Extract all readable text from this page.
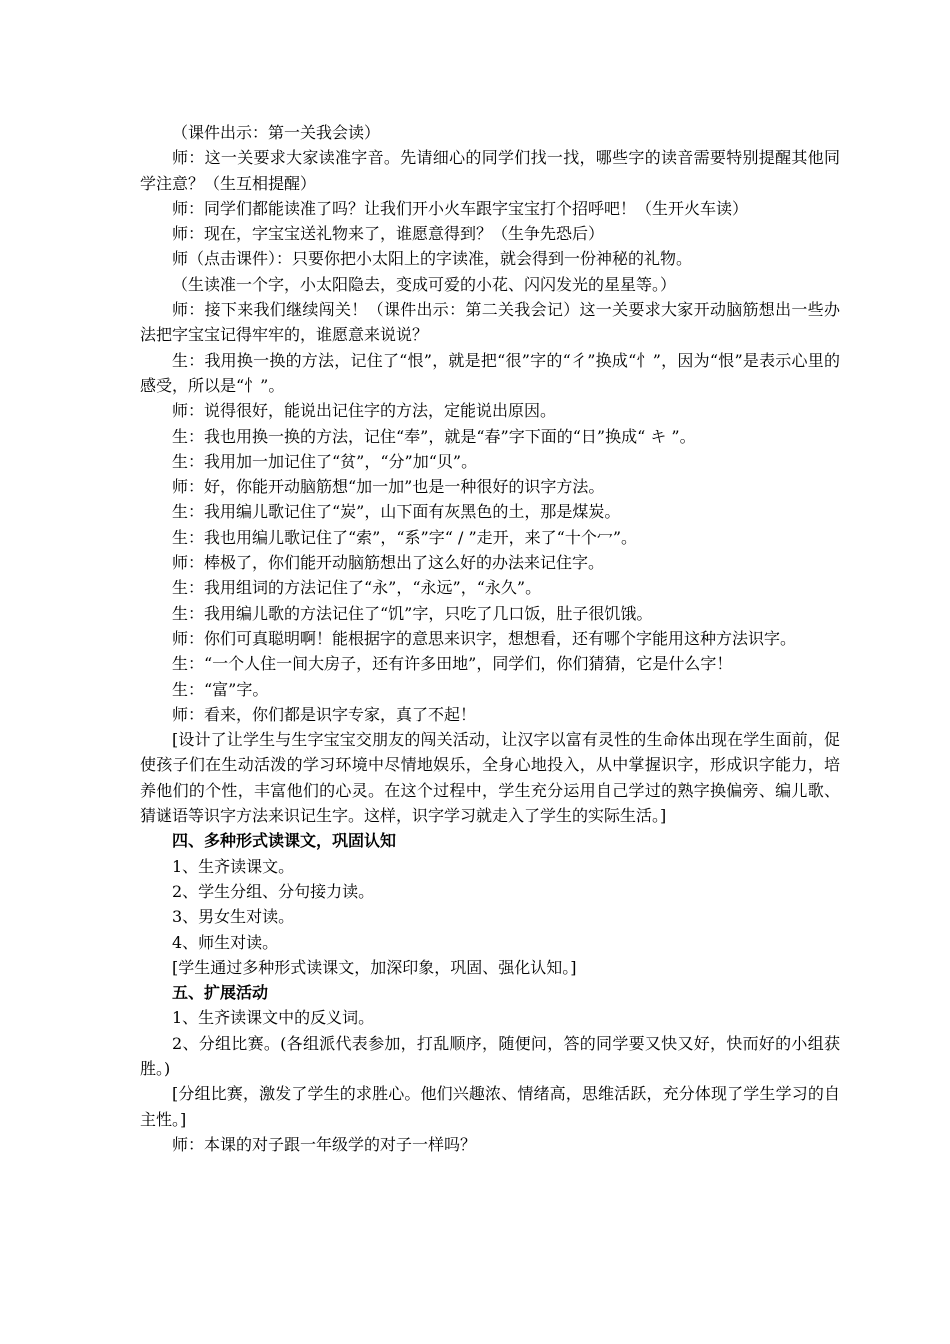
（课件出示：第一关我会读）

师：这一关要求大家读准字音。先请细心的同学们找一找，哪些字的读音需要特别提醒其他同学注意？（生互相提醒）

师：同学们都能读准了吗？让我们开小火车跟字宝宝打个招呼吧！（生开火车读）

师：现在，字宝宝送礼物来了，谁愿意得到？（生争先恐后）

师（点击课件）：只要你把小太阳上的字读准，就会得到一份神秘的礼物。

（生读准一个字，小太阳隐去，变成可爱的小花、闪闪发光的星星等。）

师：接下来我们继续闯关！（课件出示：第二关我会记）这一关要求大家开动脑筋想出一些办法把字宝宝记得牢牢的，谁愿意来说说？

生：我用换一换的方法，记住了“恨”，就是把“很”字的“彳”换成“忄”，因为“恨”是表示心里的感受，所以是“忄”。

师：说得很好，能说出记住字的方法，定能说出原因。

生：我也用换一换的方法，记住“奉”，就是“春”字下面的“日”换成“ キ ”。

生：我用加一加记住了“贫”，“分”加“贝”。

师：好，你能开动脑筋想“加一加”也是一种很好的识字方法。

生：我用编儿歌记住了“炭”，山下面有灰黑色的土，那是煤炭。

生：我也用编儿歌记住了“索”，“系”字“ / ”走开，来了“十个冖”。

师：棒极了，你们能开动脑筋想出了这么好的办法来记住字。

生：我用组词的方法记住了“永”，“永远”，“永久”。

生：我用编儿歌的方法记住了“饥”字，只吃了几口饭，肚子很饥饿。

师：你们可真聪明啊！能根据字的意思来识字，想想看，还有哪个字能用这种方法识字。

生：“一个人住一间大房子，还有许多田地”，同学们，你们猜猜，它是什么字！

生：“富”字。

师：看来，你们都是识字专家，真了不起！

[设计了让学生与生字宝宝交朋友的闯关活动，让汉字以富有灵性的生命体出现在学生面前，促使孩子们在生动活泼的学习环境中尽情地娱乐，全身心地投入，从中掌握识字，形成识字能力，培养他们的个性，丰富他们的心灵。在这个过程中，学生充分运用自己学过的熟字换偏旁、编儿歌、猜谜语等识字方法来识记生字。这样，识字学习就走入了学生的实际生活。]

四、多种形式读课文，巩固认知

1、生齐读课文。

2、学生分组、分句接力读。

3、男女生对读。

4、师生对读。

[学生通过多种形式读课文，加深印象，巩固、强化认知。]

五、扩展活动

1、生齐读课文中的反义词。

2、分组比赛。(各组派代表参加，打乱顺序，随便问，答的同学要又快又好，快而好的小组获胜。)

[分组比赛，激发了学生的求胜心。他们兴趣浓、情绪高，思维活跃，充分体现了学生学习的自主性。]

师：本课的对子跟一年级学的对子一样吗？
